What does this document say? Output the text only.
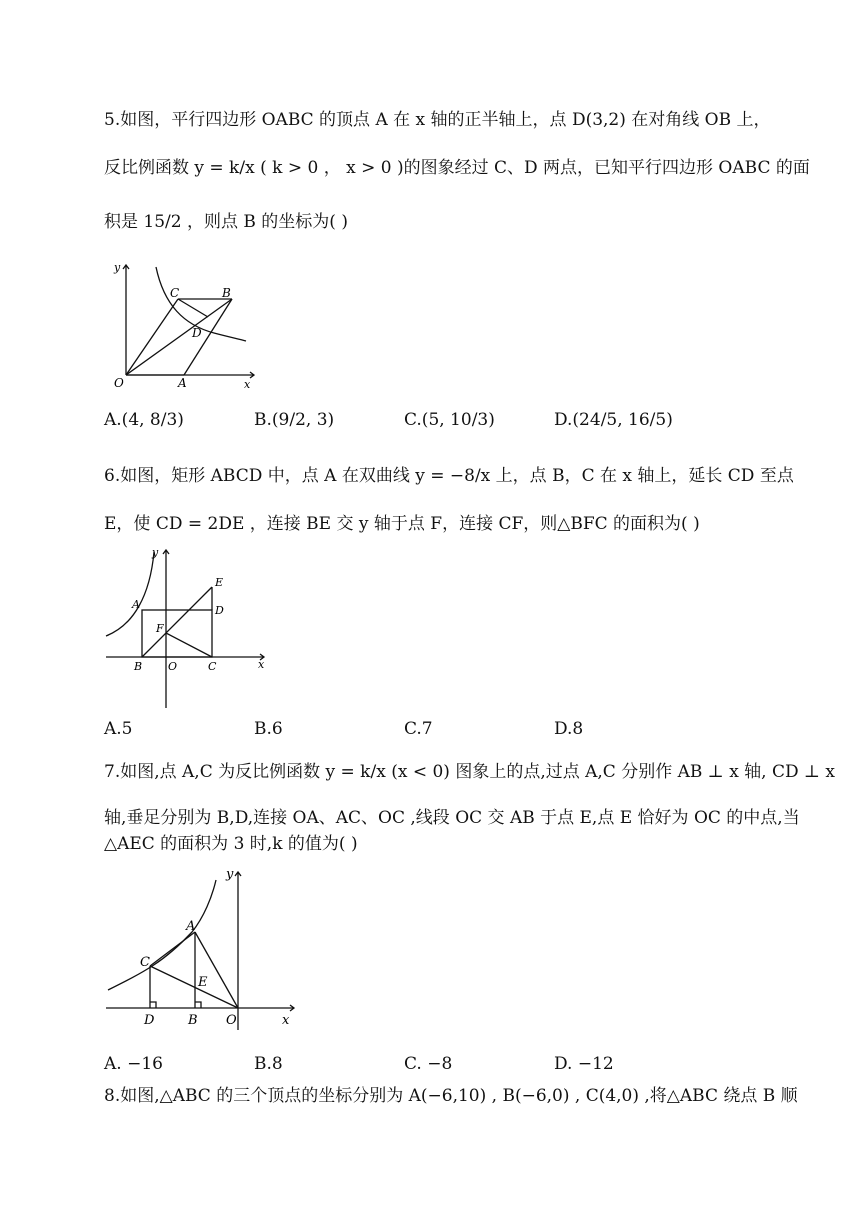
5.如图，平行四边形 OABC 的顶点 A 在 x 轴的正半轴上，点 D(3,2) 在对角线 OB 上，
反比例函数 y = k/x ( k > 0 ， x > 0 )的图象经过 C、D 两点，已知平行四边形 OABC 的面
积是 15/2 ，则点 B 的坐标为( )
y
x
O	A
B
C
D
A.(4, 8/3)	B.(9/2, 3)	C.(5, 10/3)	D.(24/5, 16/5)
6.如图，矩形 ABCD 中，点 A 在双曲线 y = −8/x 上，点 B，C 在 x 轴上，延长 CD 至点
E，使 CD = 2DE ，连接 BE 交 y 轴于点 F，连接 CF，则△BFC 的面积为( )
y
x
O
A
B	C
D
E
F
A.5	B.6	C.7	D.8
7.如图,点 A,C 为反比例函数 y = k/x (x < 0) 图象上的点,过点 A,C 分别作 AB ⊥ x 轴, CD ⊥ x
轴,垂足分别为 B,D,连接 OA、AC、OC ,线段 OC 交 AB 于点 E,点 E 恰好为 OC 的中点,当
△AEC 的面积为 3 时,k 的值为( )
y
x
O
A
B
C
D
E
A. −16	B.8	C. −8	D. −12
8.如图,△ABC 的三个顶点的坐标分别为 A(−6,10) , B(−6,0) , C(4,0) ,将△ABC 绕点 B 顺
